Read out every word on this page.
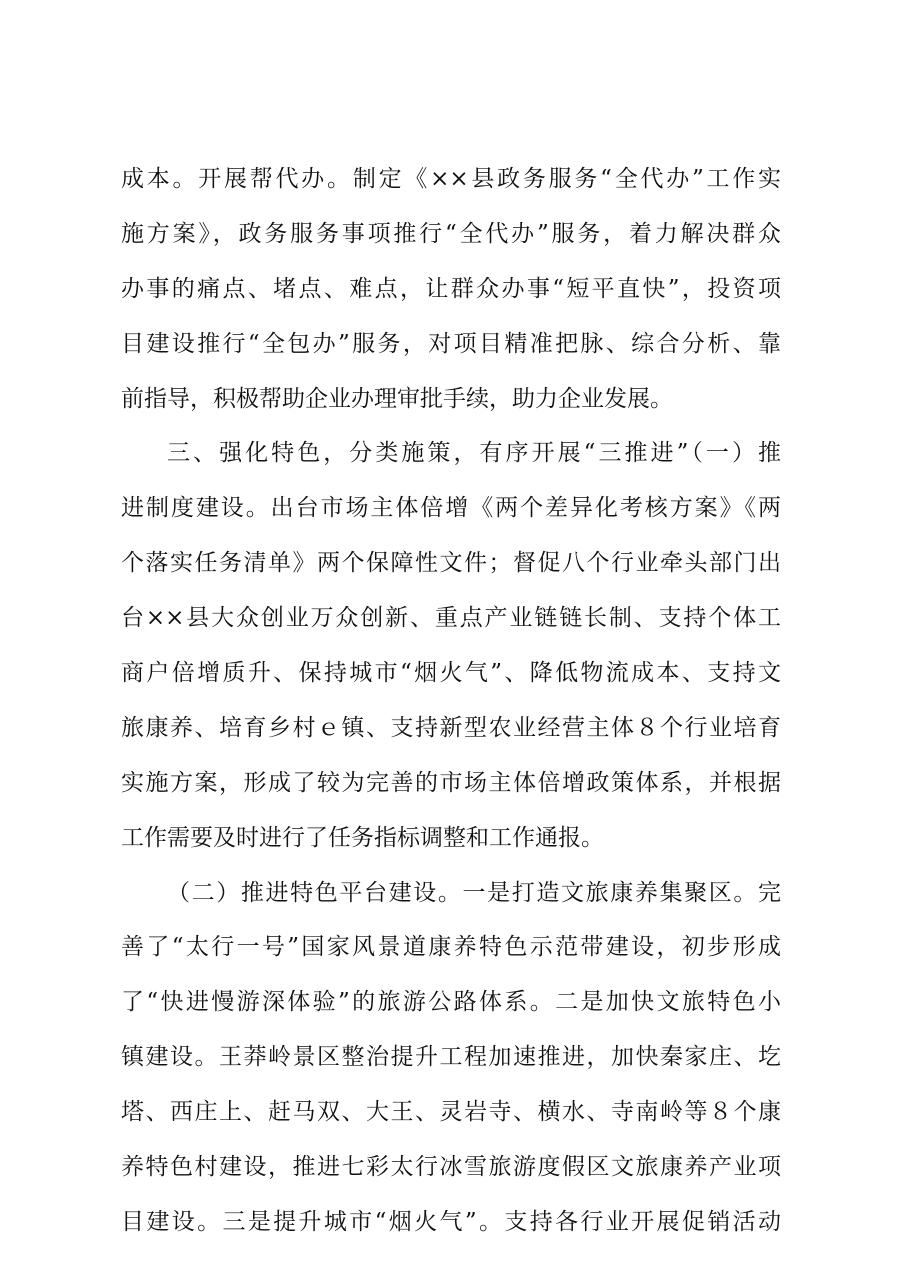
成本。开展帮代办。制定《××县政务服务“全代办”工作实
施方案》，政务服务事项推行“全代办”服务，着力解决群众
办事的痛点、堵点、难点，让群众办事“短平直快”，投资项
目建设推行“全包办”服务，对项目精准把脉、综合分析、靠
前指导，积极帮助企业办理审批手续，助力企业发展。
三、强化特色，分类施策，有序开展“三推进”（一）推
进制度建设。出台市场主体倍增《两个差异化考核方案》《两
个落实任务清单》两个保障性文件；督促八个行业牵头部门出
台××县大众创业万众创新、重点产业链链长制、支持个体工
商户倍增质升、保持城市“烟火气”、降低物流成本、支持文
旅康养、培育乡村ｅ镇、支持新型农业经营主体８个行业培育
实施方案，形成了较为完善的市场主体倍增政策体系，并根据
工作需要及时进行了任务指标调整和工作通报。
（二）推进特色平台建设。一是打造文旅康养集聚区。完
善了“太行一号”国家风景道康养特色示范带建设，初步形成
了“快进慢游深体验”的旅游公路体系。二是加快文旅特色小
镇建设。王莽岭景区整治提升工程加速推进，加快秦家庄、圪
塔、西庄上、赶马双、大王、灵岩寺、横水、寺南岭等８个康
养特色村建设，推进七彩太行冰雪旅游度假区文旅康养产业项
目建设。三是提升城市“烟火气”。支持各行业开展促销活动
